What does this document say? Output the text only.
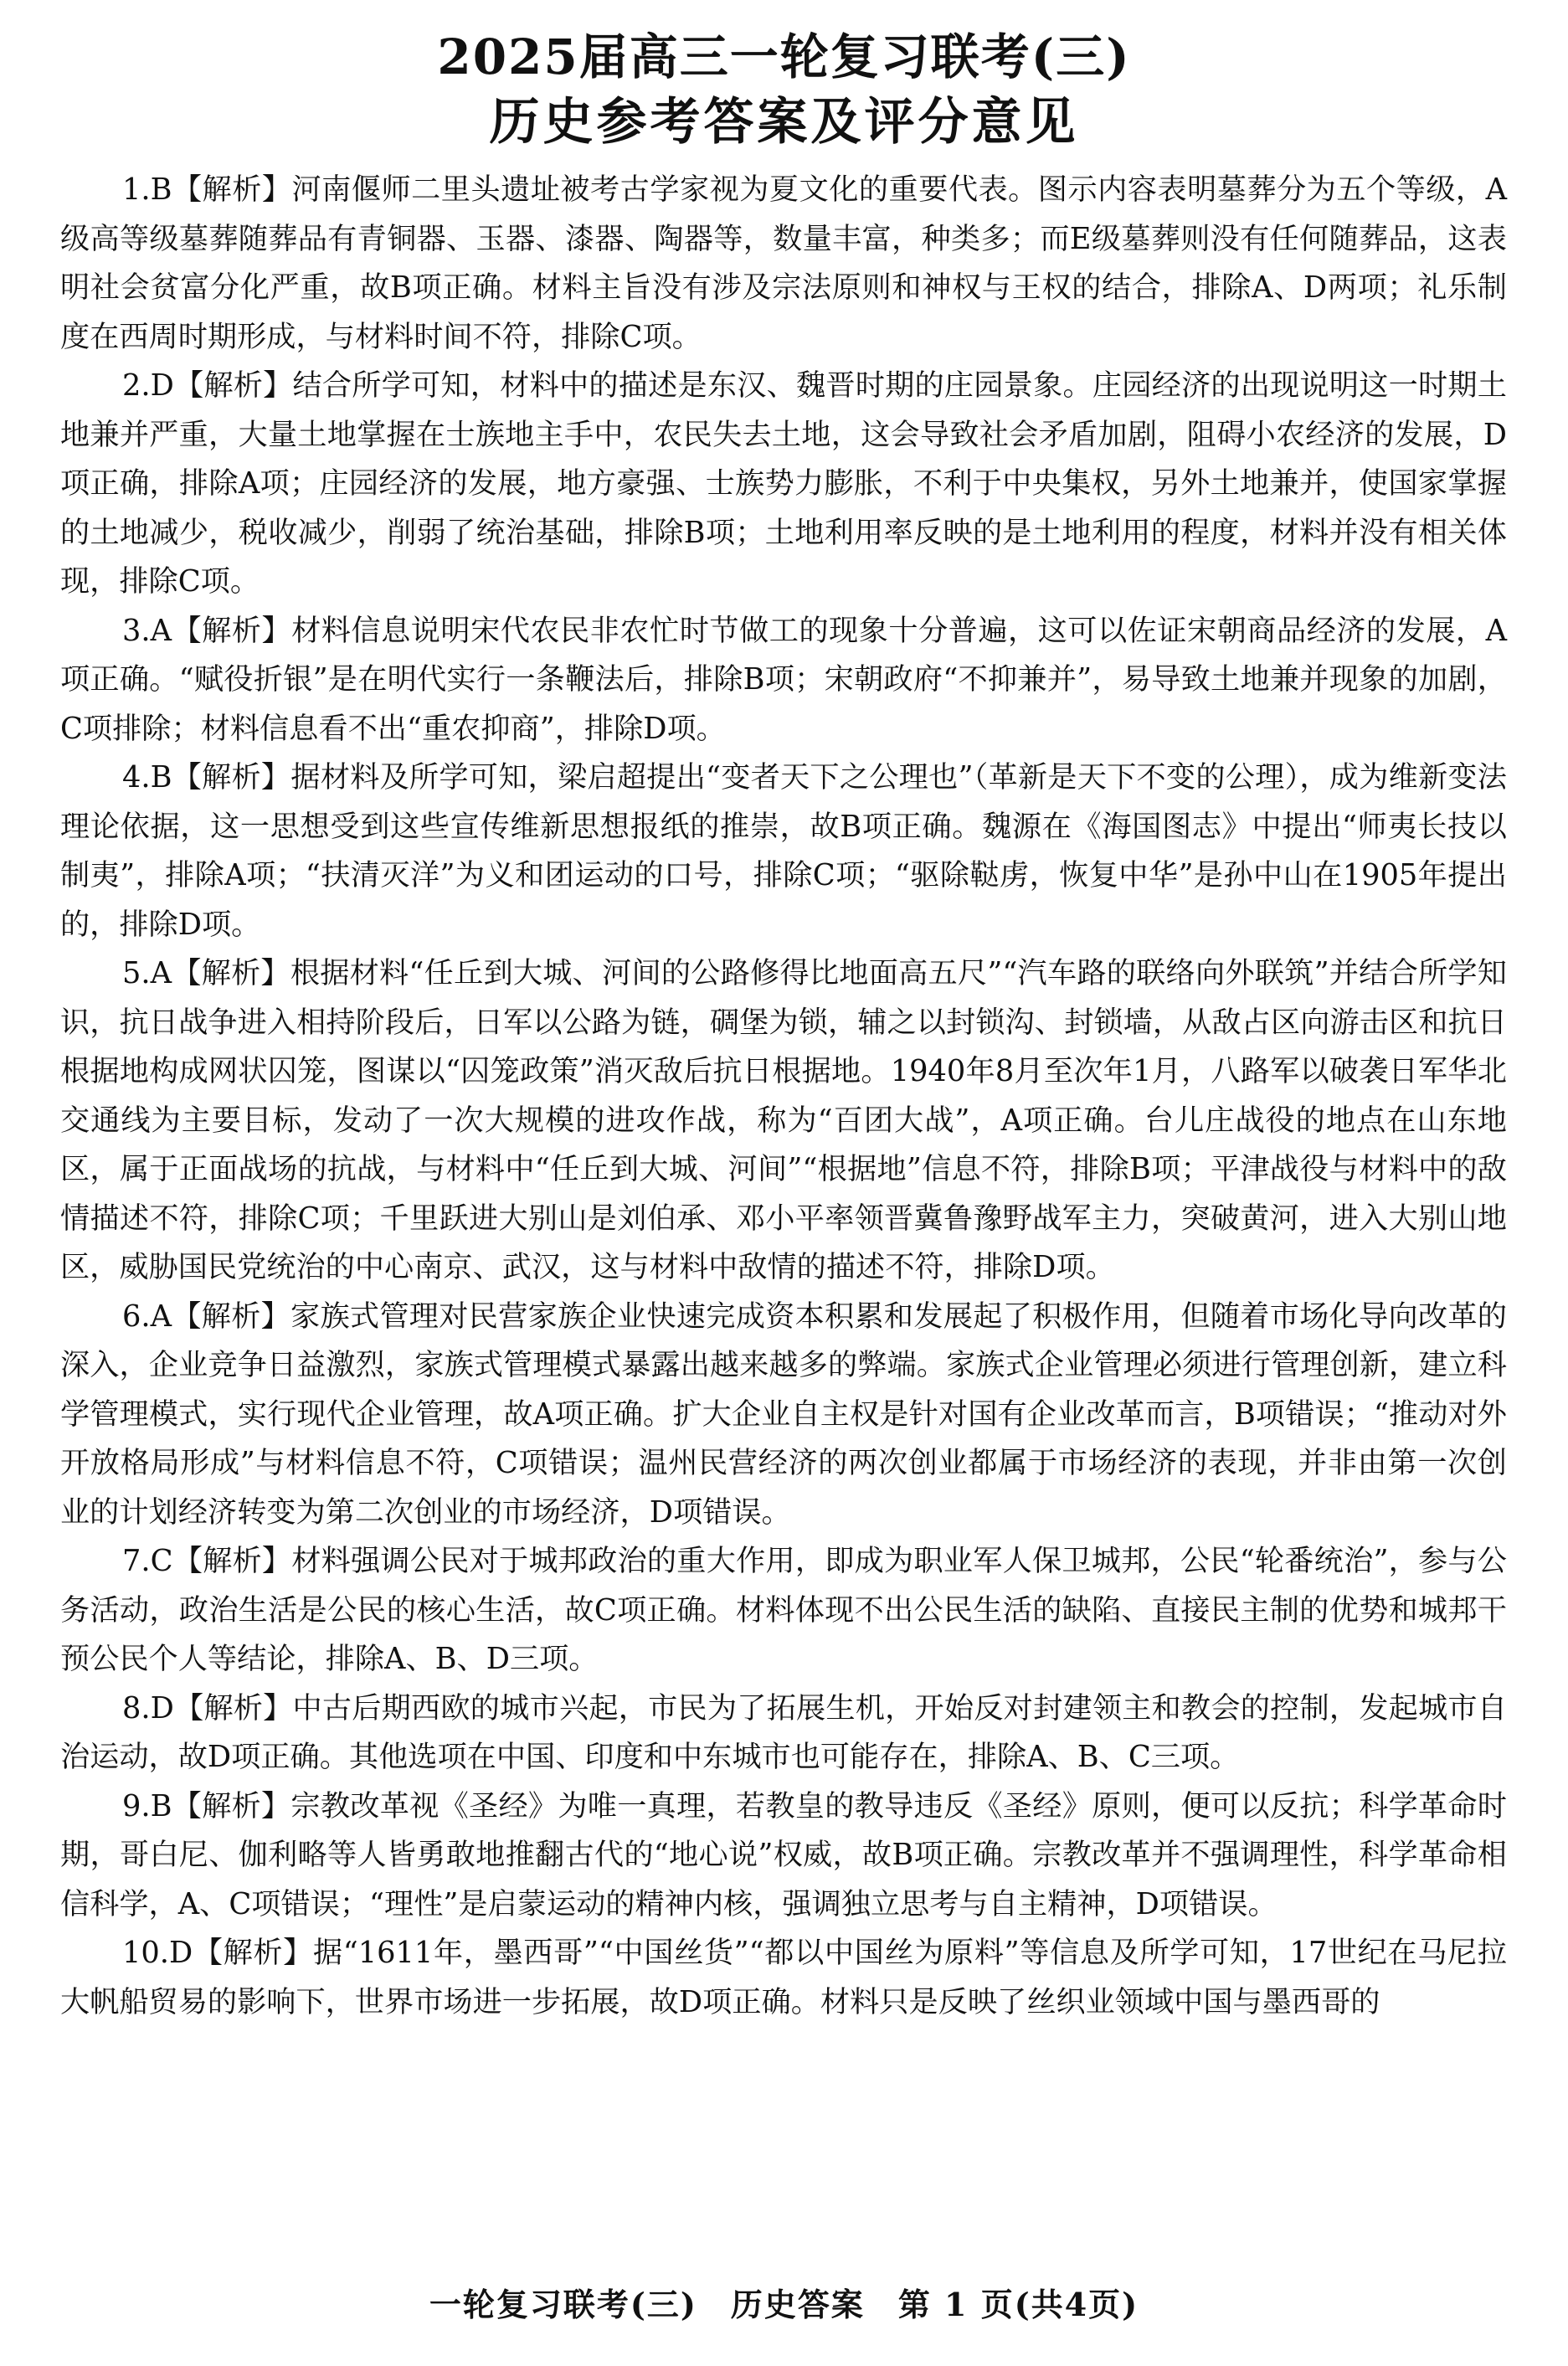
2025届高三一轮复习联考(三)
历史参考答案及评分意见

1.B【解析】河南偃师二里头遗址被考古学家视为夏文化的重要代表。图示内容表明墓葬分为五个等级，A级高等级墓葬随葬品有青铜器、玉器、漆器、陶器等，数量丰富，种类多；而E级墓葬则没有任何随葬品，这表明社会贫富分化严重，故B项正确。材料主旨没有涉及宗法原则和神权与王权的结合，排除A、D两项；礼乐制度在西周时期形成，与材料时间不符，排除C项。

2.D【解析】结合所学可知，材料中的描述是东汉、魏晋时期的庄园景象。庄园经济的出现说明这一时期土地兼并严重，大量土地掌握在士族地主手中，农民失去土地，这会导致社会矛盾加剧，阻碍小农经济的发展，D项正确，排除A项；庄园经济的发展，地方豪强、士族势力膨胀，不利于中央集权，另外土地兼并，使国家掌握的土地减少，税收减少，削弱了统治基础，排除B项；土地利用率反映的是土地利用的程度，材料并没有相关体现，排除C项。

3.A【解析】材料信息说明宋代农民非农忙时节做工的现象十分普遍，这可以佐证宋朝商品经济的发展，A项正确。“赋役折银”是在明代实行一条鞭法后，排除B项；宋朝政府“不抑兼并”，易导致土地兼并现象的加剧，C项排除；材料信息看不出“重农抑商”，排除D项。

4.B【解析】据材料及所学可知，梁启超提出“变者天下之公理也”（革新是天下不变的公理），成为维新变法理论依据，这一思想受到这些宣传维新思想报纸的推崇，故B项正确。魏源在《海国图志》中提出“师夷长技以制夷”，排除A项；“扶清灭洋”为义和团运动的口号，排除C项；“驱除鞑虏，恢复中华”是孙中山在1905年提出的，排除D项。

5.A【解析】根据材料“任丘到大城、河间的公路修得比地面高五尺”“汽车路的联络向外联筑”并结合所学知识，抗日战争进入相持阶段后，日军以公路为链，碉堡为锁，辅之以封锁沟、封锁墙，从敌占区向游击区和抗日根据地构成网状囚笼，图谋以“囚笼政策”消灭敌后抗日根据地。1940年8月至次年1月，八路军以破袭日军华北交通线为主要目标，发动了一次大规模的进攻作战，称为“百团大战”，A项正确。台儿庄战役的地点在山东地区，属于正面战场的抗战，与材料中“任丘到大城、河间”“根据地”信息不符，排除B项；平津战役与材料中的敌情描述不符，排除C项；千里跃进大别山是刘伯承、邓小平率领晋冀鲁豫野战军主力，突破黄河，进入大别山地区，威胁国民党统治的中心南京、武汉，这与材料中敌情的描述不符，排除D项。

6.A【解析】家族式管理对民营家族企业快速完成资本积累和发展起了积极作用，但随着市场化导向改革的深入，企业竞争日益激烈，家族式管理模式暴露出越来越多的弊端。家族式企业管理必须进行管理创新，建立科学管理模式，实行现代企业管理，故A项正确。扩大企业自主权是针对国有企业改革而言，B项错误；“推动对外开放格局形成”与材料信息不符，C项错误；温州民营经济的两次创业都属于市场经济的表现，并非由第一次创业的计划经济转变为第二次创业的市场经济，D项错误。

7.C【解析】材料强调公民对于城邦政治的重大作用，即成为职业军人保卫城邦，公民“轮番统治”，参与公务活动，政治生活是公民的核心生活，故C项正确。材料体现不出公民生活的缺陷、直接民主制的优势和城邦干预公民个人等结论，排除A、B、D三项。

8.D【解析】中古后期西欧的城市兴起，市民为了拓展生机，开始反对封建领主和教会的控制，发起城市自治运动，故D项正确。其他选项在中国、印度和中东城市也可能存在，排除A、B、C三项。

9.B【解析】宗教改革视《圣经》为唯一真理，若教皇的教导违反《圣经》原则，便可以反抗；科学革命时期，哥白尼、伽利略等人皆勇敢地推翻古代的“地心说”权威，故B项正确。宗教改革并不强调理性，科学革命相信科学，A、C项错误；“理性”是启蒙运动的精神内核，强调独立思考与自主精神，D项错误。

10.D【解析】据“1611年，墨西哥”“中国丝货”“都以中国丝为原料”等信息及所学可知，17世纪在马尼拉大帆船贸易的影响下，世界市场进一步拓展，故D项正确。材料只是反映了丝织业领域中国与墨西哥的

一轮复习联考(三)　历史答案　第 1 页(共4页)
